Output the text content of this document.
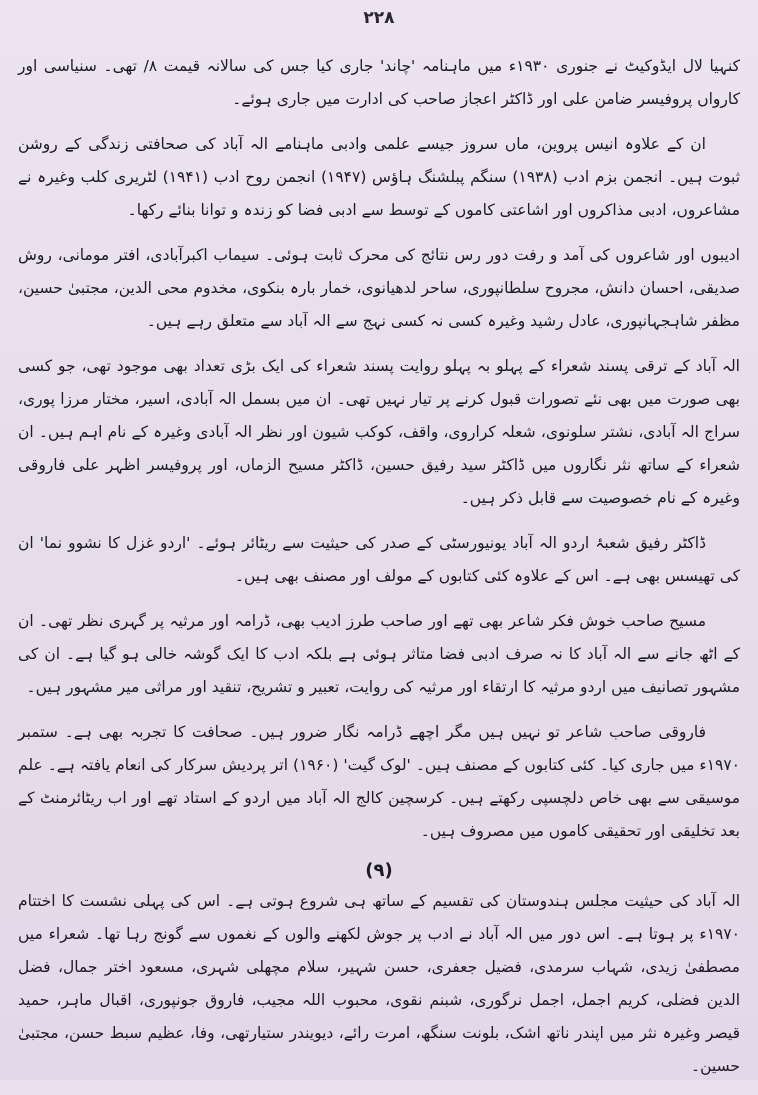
۲۲۸

کنہیا لال ایڈوکیٹ نے جنوری ۱۹۳۰ء میں ماہنامہ 'چاند' جاری کیا جس کی سالانہ قیمت ۸/ تھی۔ سنیاسی اور کارواں پروفیسر ضامن علی اور ڈاکٹر اعجاز صاحب کی ادارت میں جاری ہوئے۔

ان کے علاوہ انیس پروین، ماں سروز جیسے علمی وادبی ماہنامے الہ آباد کی صحافتی زندگی کے روشن ثبوت ہیں۔ انجمن بزم ادب (۱۹۳۸) سنگم پبلشنگ ہاؤس (۱۹۴۷) انجمن روح ادب (۱۹۴۱) لٹریری کلب وغیرہ نے مشاعروں، ادبی مذاکروں اور اشاعتی کاموں کے توسط سے ادبی فضا کو زندہ و توانا بنائے رکھا۔

ادیبوں اور شاعروں کی آمد و رفت دور رس نتائج کی محرک ثابت ہوئی۔ سیماب اکبرآبادی، افتر مومانی، روش صدیقی، احسان دانش، مجروح سلطانپوری، ساحر لدھیانوی، خمار بارہ بنکوی، مخدوم محی الدین، مجتبیٰ حسین، مظفر شاہجہانپوری، عادل رشید وغیرہ کسی نہ کسی نہج سے الہ آباد سے متعلق رہے ہیں۔

الہ آباد کے ترقی پسند شعراء کے پہلو بہ پہلو روایت پسند شعراء کی ایک بڑی تعداد بھی موجود تھی، جو کسی بھی صورت میں بھی نئے تصورات قبول کرنے پر تیار نہیں تھی۔ ان میں بسمل الہ آبادی، اسیر، مختار مرزا پوری، سراج الہ آبادی، نشتر سلونوی، شعلہ کراروی، واقف، کوکب شیون اور نظر الہ آبادی وغیرہ کے نام اہم ہیں۔ ان شعراء کے ساتھ نثر نگاروں میں ڈاکٹر سید رفیق حسین، ڈاکٹر مسیح الزماں، اور پروفیسر اظہر علی فاروقی وغیرہ کے نام خصوصیت سے قابل ذکر ہیں۔

ڈاکٹر رفیق شعبۂ اردو الہ آباد یونیورسٹی کے صدر کی حیثیت سے ریٹائر ہوئے۔ 'اردو غزل کا نشوو نما' ان کی تھیسس بھی ہے۔ اس کے علاوہ کئی کتابوں کے مولف اور مصنف بھی ہیں۔

مسیح صاحب خوش فکر شاعر بھی تھے اور صاحب طرز ادیب بھی، ڈرامہ اور مرثیہ پر گہری نظر تھی۔ ان کے اٹھ جانے سے الہ آباد کا نہ صرف ادبی فضا متاثر ہوئی ہے بلکہ ادب کا ایک گوشہ خالی ہو گیا ہے۔ ان کی مشہور تصانیف میں اردو مرثیہ کا ارتقاء اور مرثیہ کی روایت، تعبیر و تشریح، تنقید اور مراثی میر مشہور ہیں۔

فاروقی صاحب شاعر تو نہیں ہیں مگر اچھے ڈرامہ نگار ضرور ہیں۔ صحافت کا تجربہ بھی ہے۔ ستمبر ۱۹۷۰ء میں جاری کیا۔ کئی کتابوں کے مصنف ہیں۔ 'لوک گیت' (۱۹۶۰) اتر پردیش سرکار کی انعام یافتہ ہے۔ علم موسیقی سے بھی خاص دلچسپی رکھتے ہیں۔ کرسچین کالج الہ آباد میں اردو کے استاد تھے اور اب ریٹائرمنٹ کے بعد تخلیقی اور تحقیقی کاموں میں مصروف ہیں۔

(۹)

الہ آباد کی حیثیت مجلس ہندوستان کی تقسیم کے ساتھ ہی شروع ہوتی ہے۔ اس کی پہلی نشست کا اختتام ۱۹۷۰ء پر ہوتا ہے۔ اس دور میں الہ آباد نے ادب پر جوش لکھنے والوں کے نغموں سے گونج رہا تھا۔ شعراء میں مصطفیٰ زیدی، شہاب سرمدی، فضیل جعفری، حسن شہیر، سلام مچھلی شہری، مسعود اختر جمال، فضل الدین فضلی، کریم اجمل، اجمل نرگوری، شبنم نقوی، محبوب اللہ مجیب، فاروق جونپوری، اقبال ماہر، حمید قیصر وغیرہ نثر میں اپندر ناتھ اشک، بلونت سنگھ، امرت رائے، دیویندر ستیارتھی، وفا، عظیم سبط حسن، مجتبیٰ حسین۔
